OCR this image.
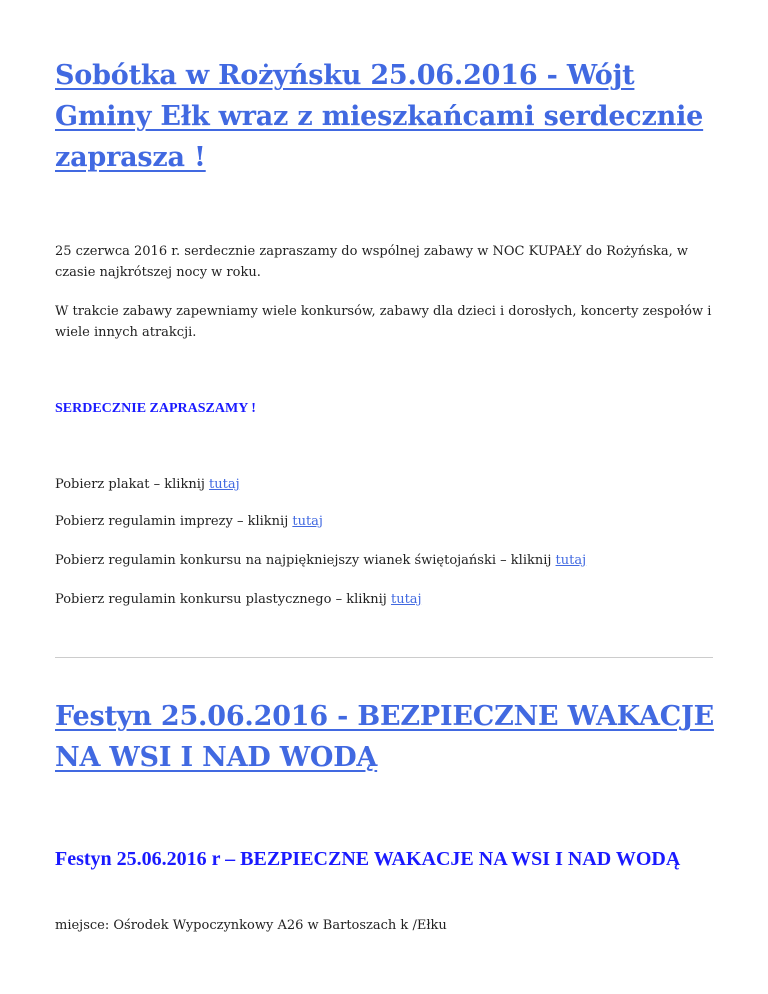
Sobótka w Rożyńsku 25.06.2016 - Wójt Gminy Ełk wraz z mieszkańcami serdecznie zaprasza !

25 czerwca 2016 r. serdecznie zapraszamy do wspólnej zabawy w NOC KUPAŁY do Rożyńska, w czasie najkrótszej nocy w roku.

W trakcie zabawy zapewniamy wiele konkursów, zabawy dla dzieci i dorosłych, koncerty zespołów i wiele innych atrakcji.

SERDECZNIE ZAPRASZAMY !

Pobierz plakat – kliknij tutaj

Pobierz regulamin imprezy – kliknij tutaj

Pobierz regulamin konkursu na najpiękniejszy wianek świętojański – kliknij tutaj

Pobierz regulamin konkursu plastycznego – kliknij tutaj

Festyn 25.06.2016 - BEZPIECZNE WAKACJE NA WSI I NAD WODĄ
Festyn 25.06.2016 r – BEZPIECZNE WAKACJE NA WSI I NAD WODĄ

miejsce: Ośrodek Wypoczynkowy A26 w Bartoszach k /Ełku
